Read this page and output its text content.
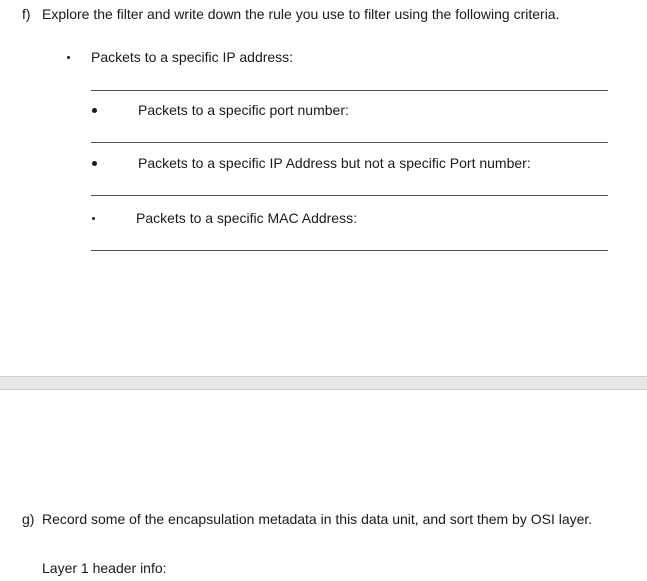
f) Explore the filter and write down the rule you use to filter using the following criteria.
Packets to a specific IP address:
Packets to a specific port number:
Packets to a specific IP Address but not a specific Port number:
Packets to a specific MAC Address:
g) Record some of the encapsulation metadata in this data unit, and sort them by OSI layer.
Layer 1 header info:
